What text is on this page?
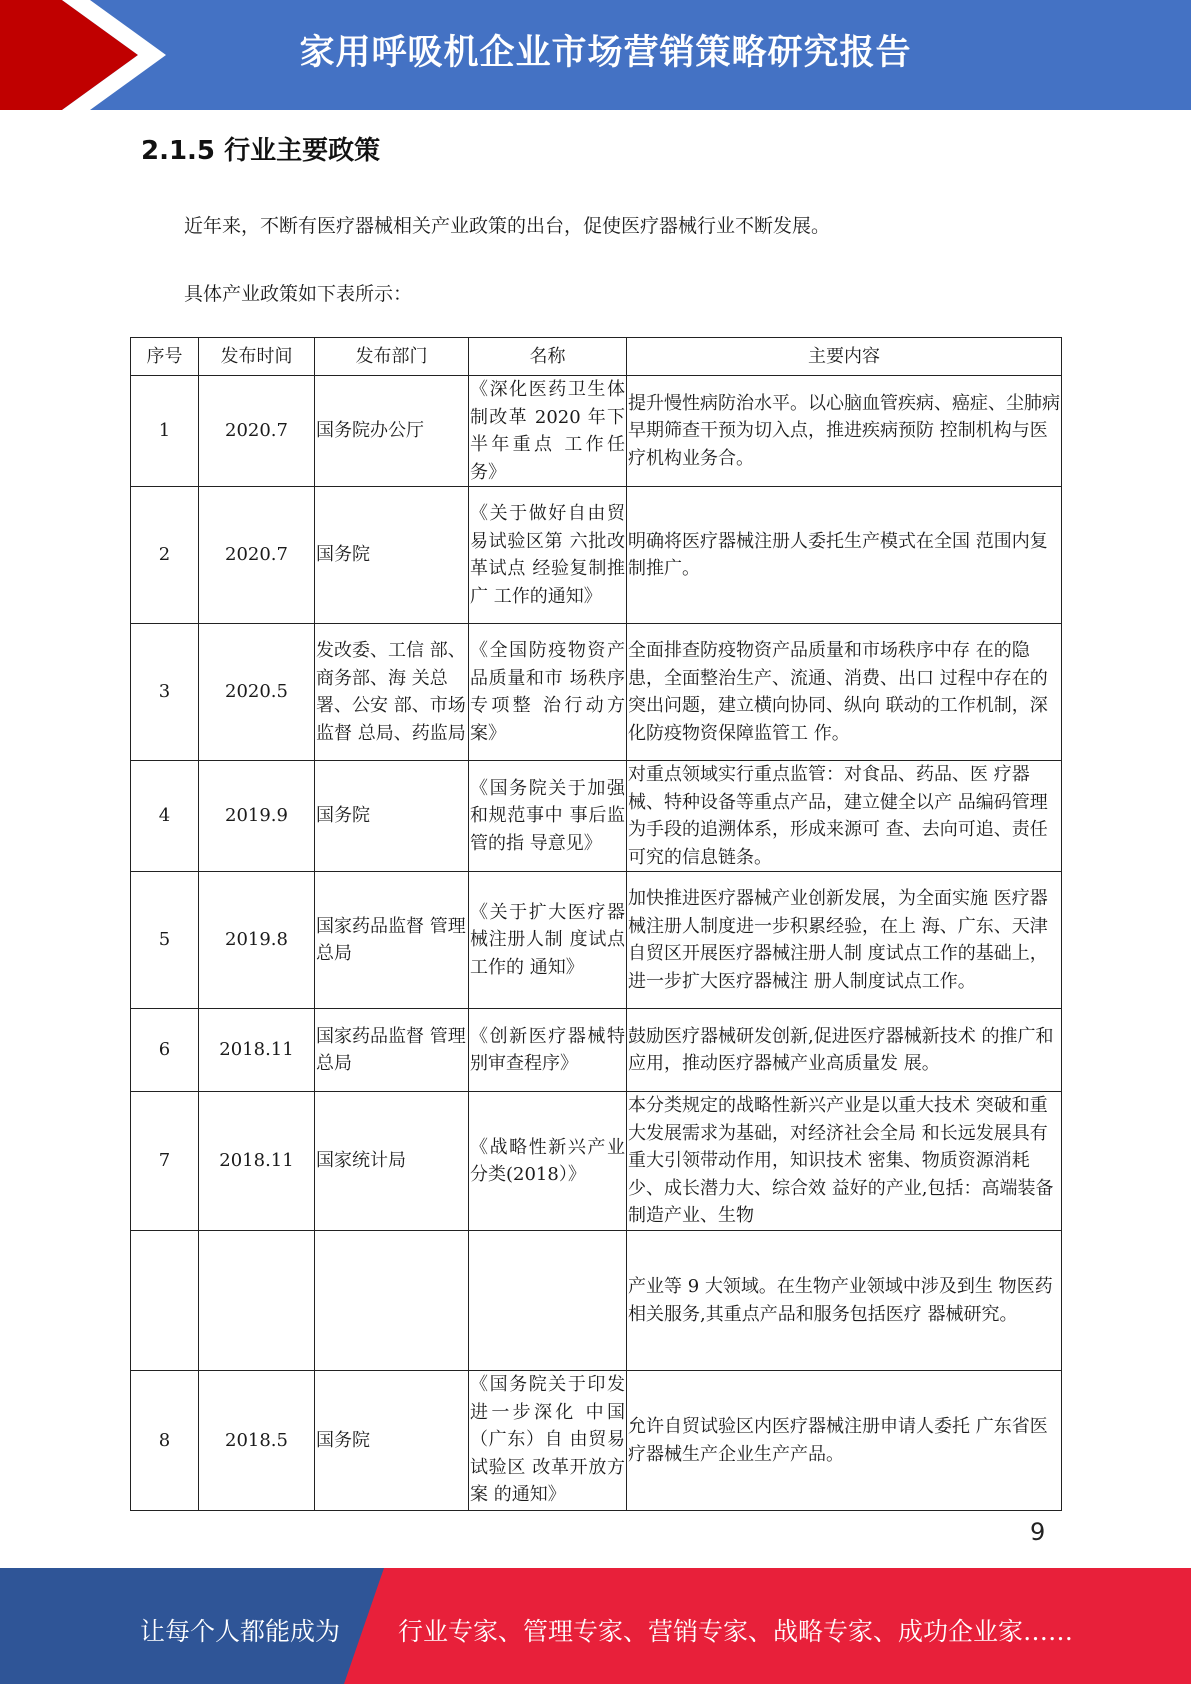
家用呼吸机企业市场营销策略研究报告
2.1.5 行业主要政策
近年来，不断有医疗器械相关产业政策的出台，促使医疗器械行业不断发展。
具体产业政策如下表所示：
序号	发布时间	发布部门	名称	主要内容
1	2020.7	国务院办公厅	《深化医药卫生体制改革 2020 年下半年重点 工作任务》	提升慢性病防治水平。以心脑血管疾病、癌症、尘肺病早期筛查干预为切入点，推进疾病预防 控制机构与医疗机构业务合。
2	2020.7	国务院	《关于做好自由贸易试验区第 六批改革试点 经验复制推广 工作的通知》	明确将医疗器械注册人委托生产模式在全国 范围内复制推广。
3	2020.5	发改委、工信 部、商务部、海 关总署、公安 部、市场监督 总局、药监局	《全国防疫物资产品质量和市 场秩序专项整 治行动方案》	全面排查防疫物资产品质量和市场秩序中存 在的隐患，全面整治生产、流通、消费、出口 过程中存在的突出问题，建立横向协同、纵向 联动的工作机制，深化防疫物资保障监管工 作。
4	2019.9	国务院	《国务院关于加强和规范事中 事后监管的指 导意见》	对重点领域实行重点监管：对食品、药品、医 疗器械、特种设备等重点产品，建立健全以产 品编码管理为手段的追溯体系，形成来源可 查、去向可追、责任可究的信息链条。
5	2019.8	国家药品监督 管理总局	《关于扩大医疗器械注册人制 度试点工作的 通知》	加快推进医疗器械产业创新发展，为全面实施 医疗器械注册人制度进一步积累经验，在上 海、广东、天津自贸区开展医疗器械注册人制 度试点工作的基础上，进一步扩大医疗器械注 册人制度试点工作。
6	2018.11	国家药品监督 管理总局	《创新医疗器械特别审查程序》	鼓励医疗器械研发创新,促进医疗器械新技术 的推广和应用，推动医疗器械产业高质量发 展。
7	2018.11	国家统计局	《战略性新兴产业分类(2018）》	本分类规定的战略性新兴产业是以重大技术 突破和重大发展需求为基础，对经济社会全局 和长远发展具有重大引领带动作用，知识技术 密集、物质资源消耗少、成长潜力大、综合效 益好的产业,包括：高端装备制造产业、生物
				产业等 9 大领域。在生物产业领域中涉及到生 物医药相关服务,其重点产品和服务包括医疗 器械研究。
8	2018.5	国务院	《国务院关于印发进一步深化 中国（广东）自 由贸易试验区 改革开放方案 的通知》	允许自贸试验区内医疗器械注册申请人委托 广东省医疗器械生产企业生产产品。
9
让每个人都能成为 行业专家、管理专家、营销专家、战略专家、成功企业家……
